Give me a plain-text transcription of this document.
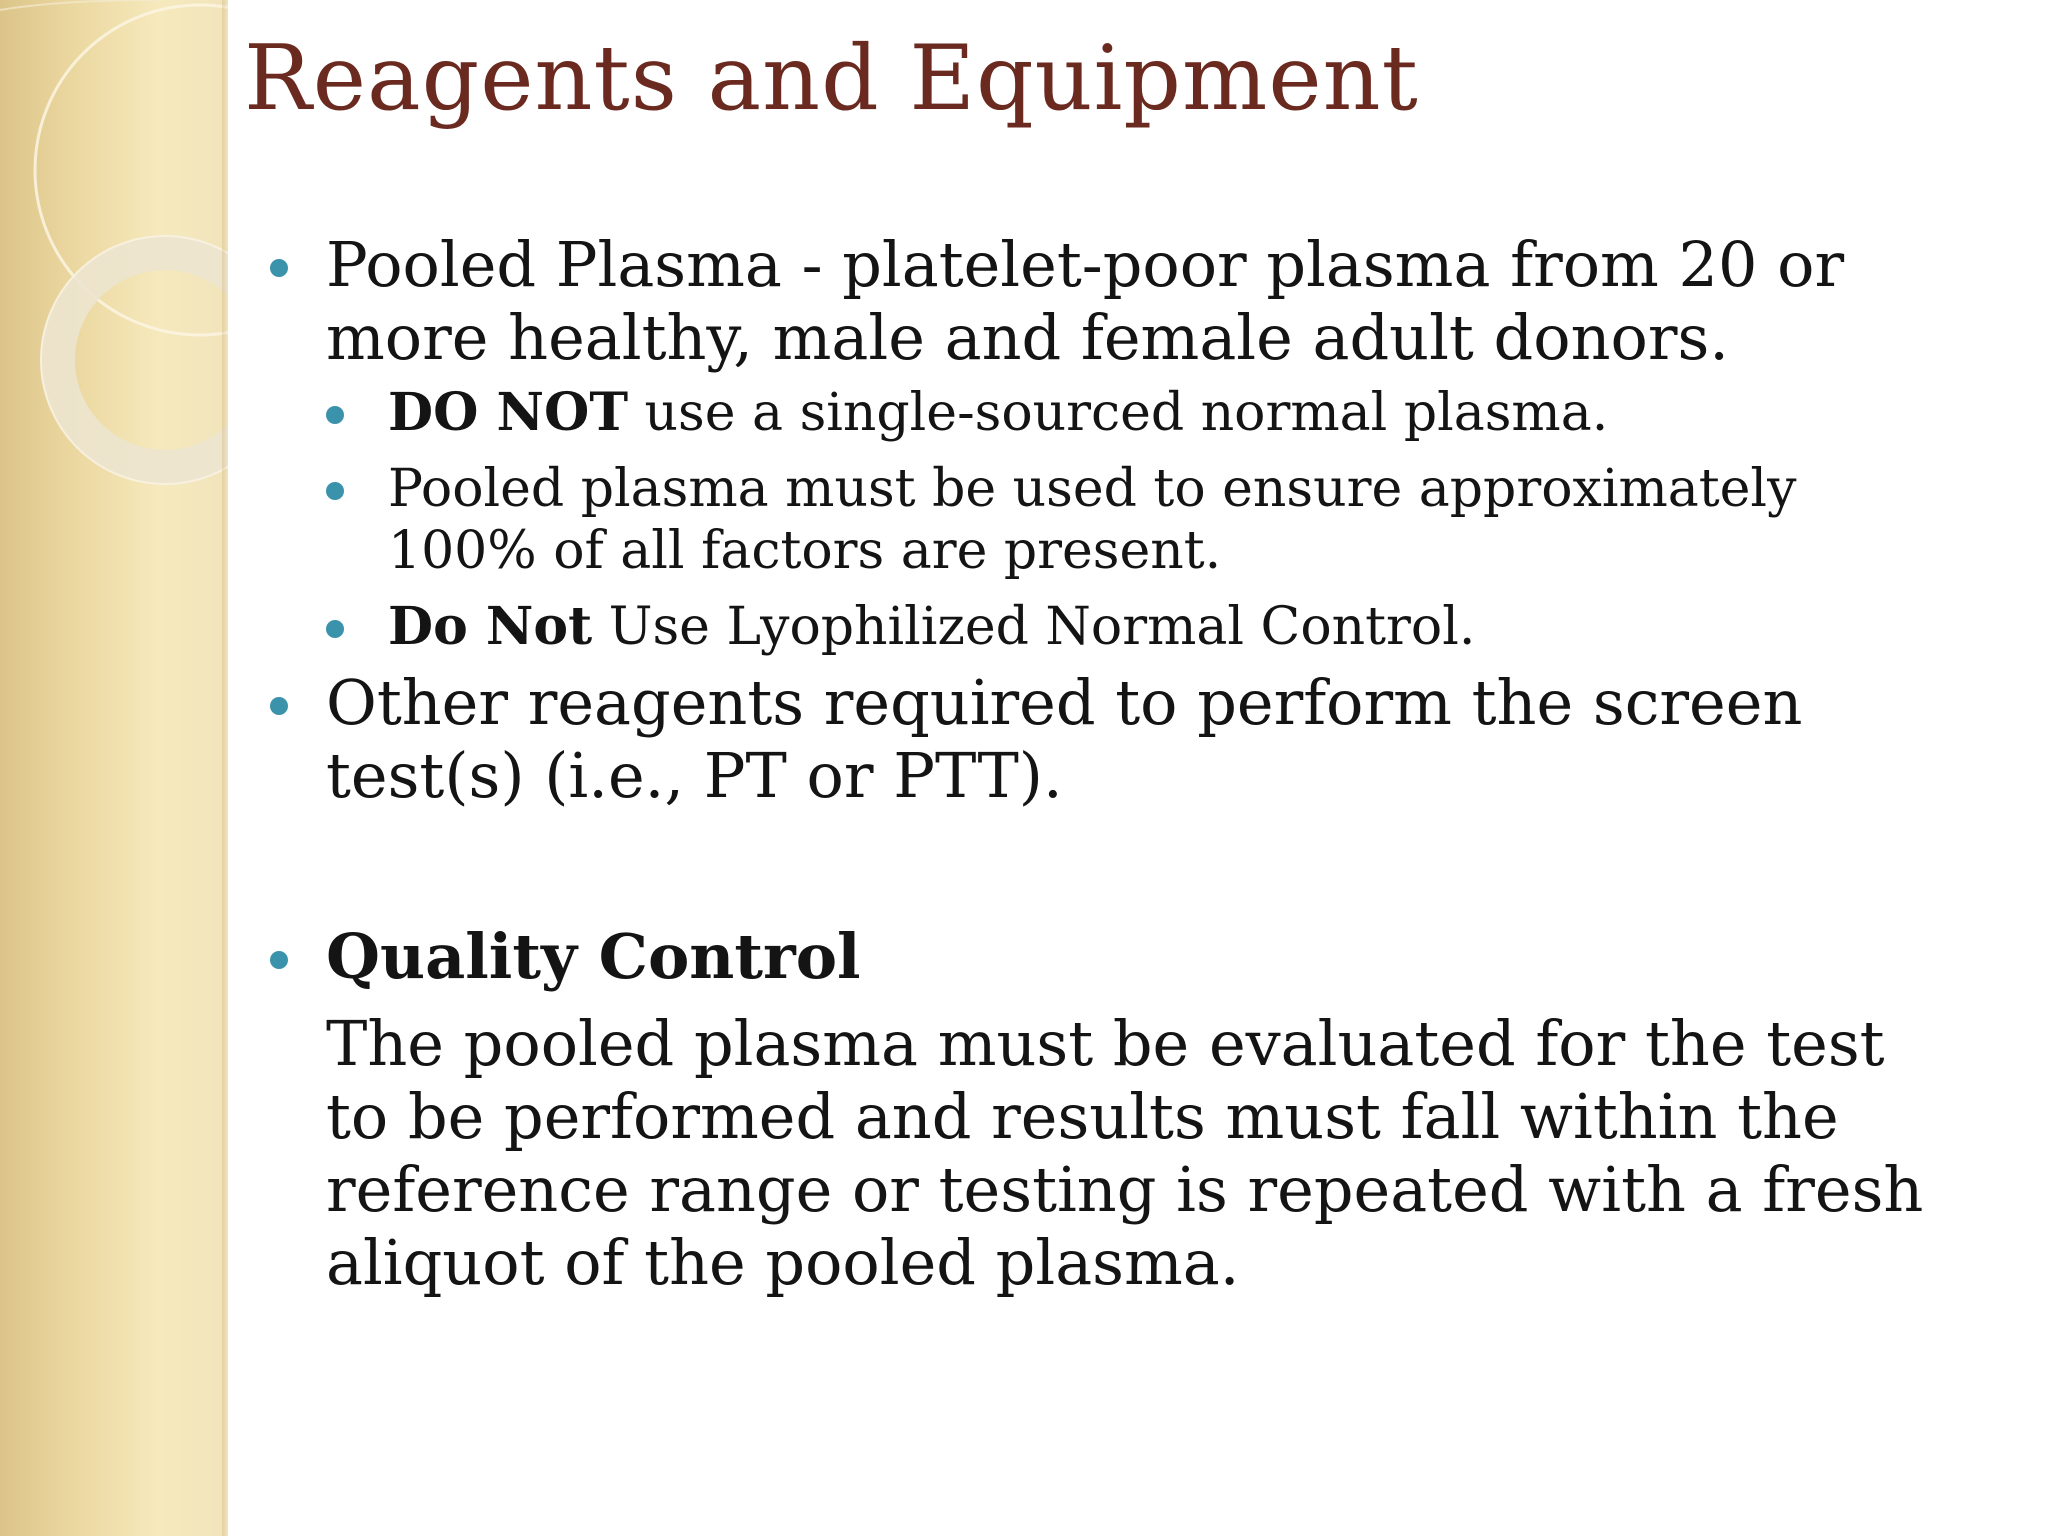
Reagents and Equipment
Pooled Plasma - platelet-poor plasma from 20 or more healthy, male and female adult donors.
DO NOT use a single-sourced normal plasma.
Pooled plasma must be used to ensure approximately 100% of all factors are present.
Do Not Use Lyophilized Normal Control.
Other reagents required to perform the screen test(s) (i.e., PT or PTT).
Quality Control
The pooled plasma must be evaluated for the test to be performed and results must fall within the reference range or testing is repeated with a fresh aliquot of the pooled plasma.
